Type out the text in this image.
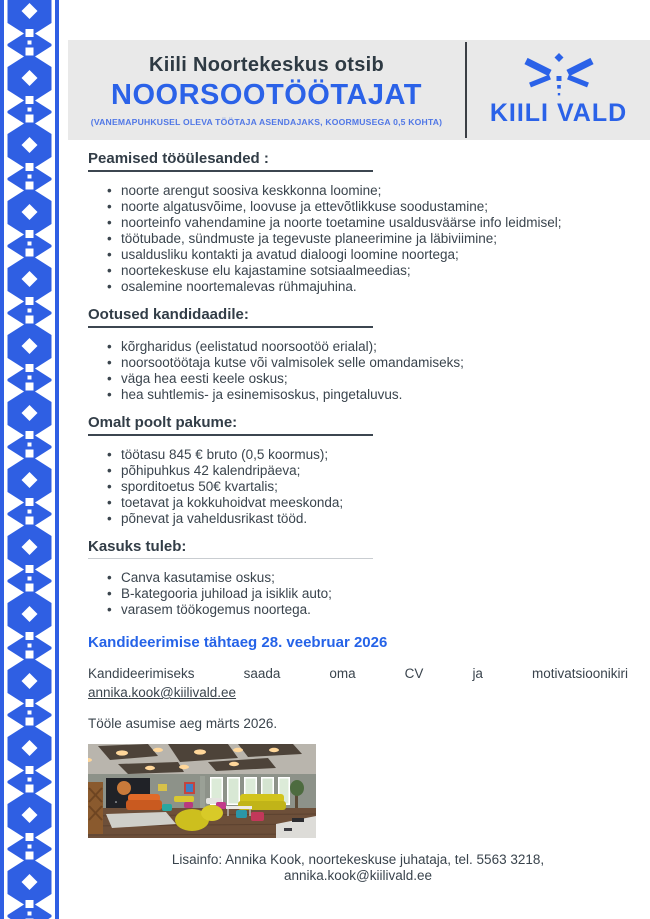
Kiili Noortekeskus otsib
NOORSOOTÖÖTAJAT
(VANEMAPUHKUSEL OLEVA TÖÖTAJA ASENDAJAKS, KOORMUSEGA 0,5 KOHTA) KIILI VALD
Peamised tööülesanded :
• noorte arengut soosiva keskkonna loomine;
• noorte algatusvõime, loovuse ja ettevõtlikkuse soodustamine;
• noorteinfo vahendamine ja noorte toetamine usaldusväärse info leidmisel;
• töötubade, sündmuste ja tegevuste planeerimine ja läbiviimine;
• usaldusliku kontakti ja avatud dialoogi loomine noortega;
• noortekeskuse elu kajastamine sotsiaalmeedias;
• osalemine noortemalevas rühmajuhina.
Ootused kandidaadile:
• kõrgharidus (eelistatud noorsootöö erialal);
• noorsootöötaja kutse või valmisolek selle omandamiseks;
• väga hea eesti keele oskus;
• hea suhtlemis- ja esinemisoskus, pingetaluvus.
Omalt poolt pakume:
• töötasu 845 € bruto (0,5 koormus);
• põhipuhkus 42 kalendripäeva;
• sporditoetus 50€ kvartalis;
• toetavat ja kokkuhoidvat meeskonda;
• põnevat ja vaheldusrikast tööd.
Kasuks tuleb:
• Canva kasutamise oskus;
• B-kategooria juhiload ja isiklik auto;
• varasem töökogemus noortega.
Kandideerimise tähtaeg 28. veebruar 2026

Kandideerimiseks saada oma CV ja motivatsioonikiri

annika.kook@kiilivald.ee

Tööle asumise aeg märts 2026.

Lisainfo: Annika Kook, noortekeskuse juhataja, tel. 5563 3218,
annika.kook@kiilivald.ee
